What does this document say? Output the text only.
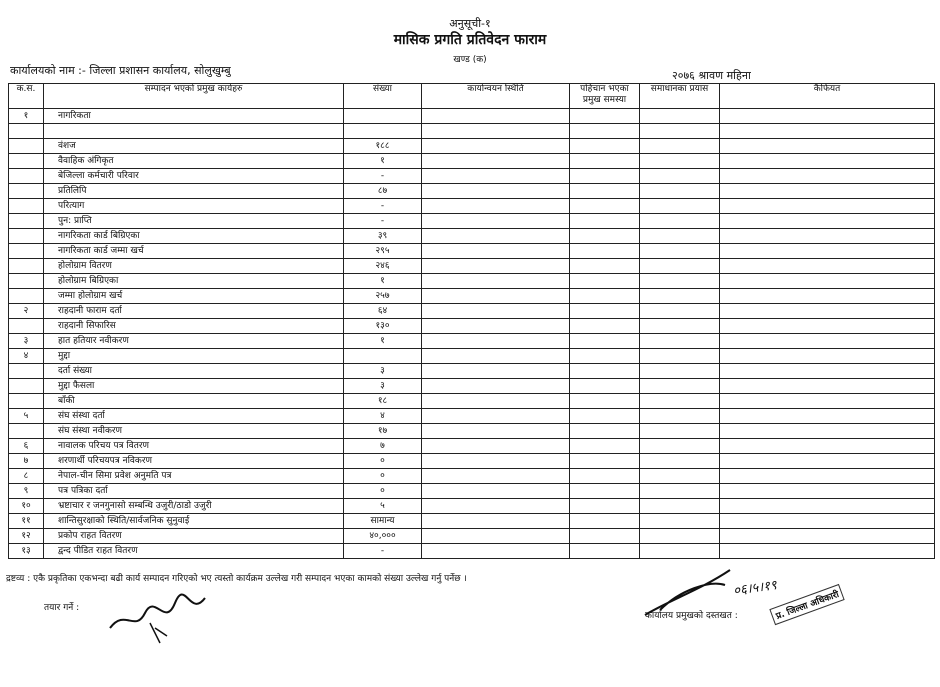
अनुसूची-१
मासिक प्रगति प्रतिवेदन फाराम
खण्ड (क)
कार्यालयको नाम :- जिल्ला प्रशासन कार्यालय, सोलुखुम्बु	२०७६ श्रावण महिना
क.स.	सम्पादन भएको प्रमुख कार्यहरु	संख्या	कार्यान्वयन स्थिति	पहिचान भएका प्रमुख समस्या	समाधानका प्रयास	कैफियत
१	नागरिकता					

	वंशज	१८८				
	वैवाहिक अंगिकृत	१				
	बेजिल्ला कर्मचारी परिवार	-				
	प्रतिलिपि	८७				
	परित्याग	-				
	पुन: प्राप्ति	-				
	नागरिकता कार्ड बिग्रिएका	३९				
	नागरिकता कार्ड जम्मा खर्च	२९५				
	होलोग्राम वितरण	२४६				
	होलोग्राम बिग्रिएका	१				
	जम्मा होलोग्राम खर्च	२५७				
२	राहदानी फाराम दर्ता	६४				
	राहदानी सिफारिस	१३०				
३	हात हतियार नवीकरण	१				
४	मुद्दा					
	दर्ता संख्या	३				
	मुद्दा फैसला	३				
	बाँकी	१८				
५	संघ संस्था दर्ता	४				
	संघ संस्था नवीकरण	१७				
६	नावालक परिचय पत्र वितरण	७				
७	शरणार्थी परिचयपत्र नविकरण	०				
८	नेपाल-चीन सिमा प्रवेश अनुमति पत्र	०				
९	पत्र पत्रिका दर्ता	०				
१०	भ्रष्टाचार र जनगुनासो सम्बन्धि उजुरी/ठाडो उजुरी	५				
११	शान्तिसुरक्षाको स्थिति/सार्वजनिक सुनुवाई	सामान्य				
१२	प्रकोप राहत वितरण	४०,०००				
१३	द्वन्द पीडित राहत वितरण	-				
द्रष्टव्य : एकै प्रकृतिका एकभन्दा बढी कार्य सम्पादन गरिएको भए त्यस्तो कार्यक्रम उल्लेख गरी सम्पादन भएका कामको संख्या उल्लेख गर्नु पर्नेछ ।
तयार गर्ने :
कार्यालय प्रमुखको दस्तखत :
०६।५।१९
प्र. जिल्ला अधिकारी
